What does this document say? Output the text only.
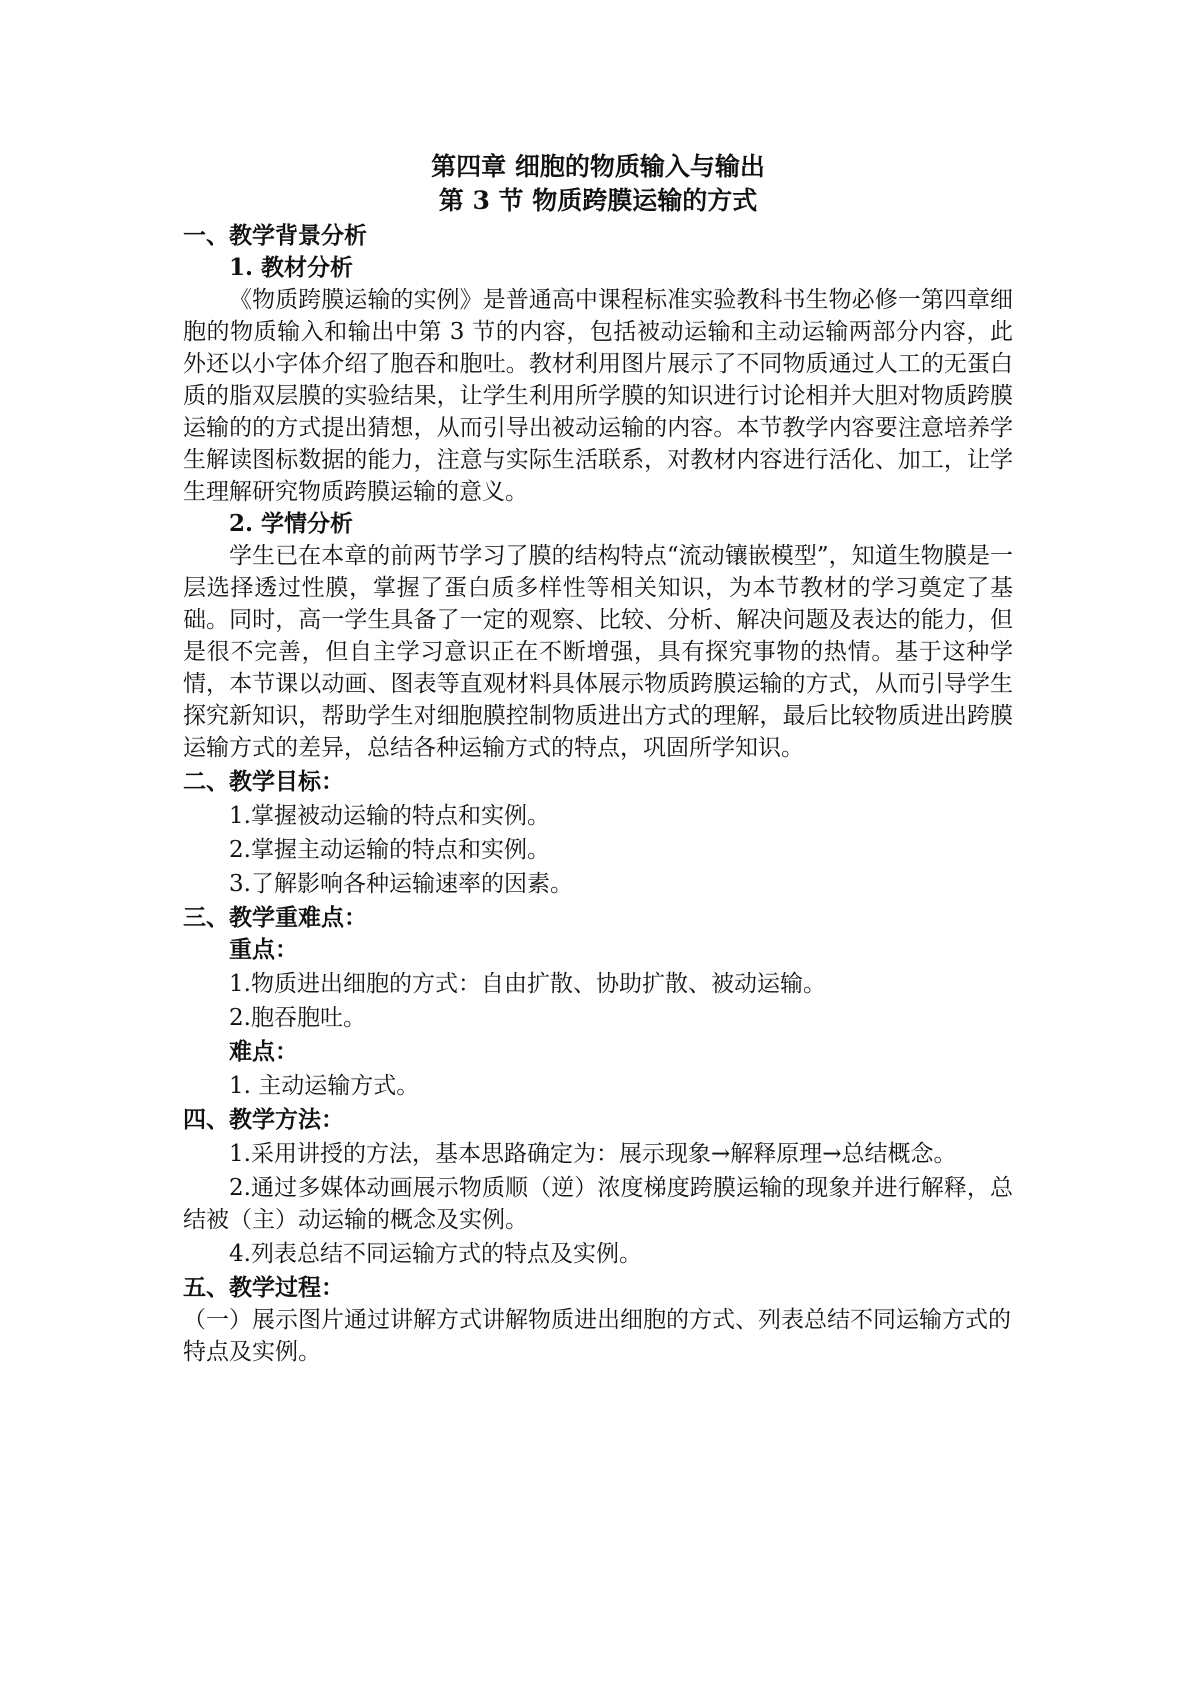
第四章 细胞的物质输入与输出

第 3 节 物质跨膜运输的方式

一、教学背景分析

1. 教材分析

《物质跨膜运输的实例》是普通高中课程标准实验教科书生物必修一第四章细胞的物质输入和输出中第 3 节的内容，包括被动运输和主动运输两部分内容，此外还以小字体介绍了胞吞和胞吐。教材利用图片展示了不同物质通过人工的无蛋白质的脂双层膜的实验结果，让学生利用所学膜的知识进行讨论相并大胆对物质跨膜运输的的方式提出猜想，从而引导出被动运输的内容。本节教学内容要注意培养学生解读图标数据的能力，注意与实际生活联系，对教材内容进行活化、加工，让学生理解研究物质跨膜运输的意义。

2. 学情分析

学生已在本章的前两节学习了膜的结构特点“流动镶嵌模型”，知道生物膜是一层选择透过性膜，掌握了蛋白质多样性等相关知识，为本节教材的学习奠定了基础。同时，高一学生具备了一定的观察、比较、分析、解决问题及表达的能力，但是很不完善，但自主学习意识正在不断增强，具有探究事物的热情。基于这种学情，本节课以动画、图表等直观材料具体展示物质跨膜运输的方式，从而引导学生探究新知识，帮助学生对细胞膜控制物质进出方式的理解，最后比较物质进出跨膜运输方式的差异，总结各种运输方式的特点，巩固所学知识。

二、教学目标：

1.掌握被动运输的特点和实例。

2.掌握主动运输的特点和实例。

3.了解影响各种运输速率的因素。

三、教学重难点：

重点：

1.物质进出细胞的方式：自由扩散、协助扩散、被动运输。

2.胞吞胞吐。

难点：

1. 主动运输方式。

四、教学方法：

1.采用讲授的方法，基本思路确定为：展示现象→解释原理→总结概念。

2.通过多媒体动画展示物质顺（逆）浓度梯度跨膜运输的现象并进行解释，总结被（主）动运输的概念及实例。

4.列表总结不同运输方式的特点及实例。

五、教学过程：

（一）展示图片通过讲解方式讲解物质进出细胞的方式、列表总结不同运输方式的特点及实例。
